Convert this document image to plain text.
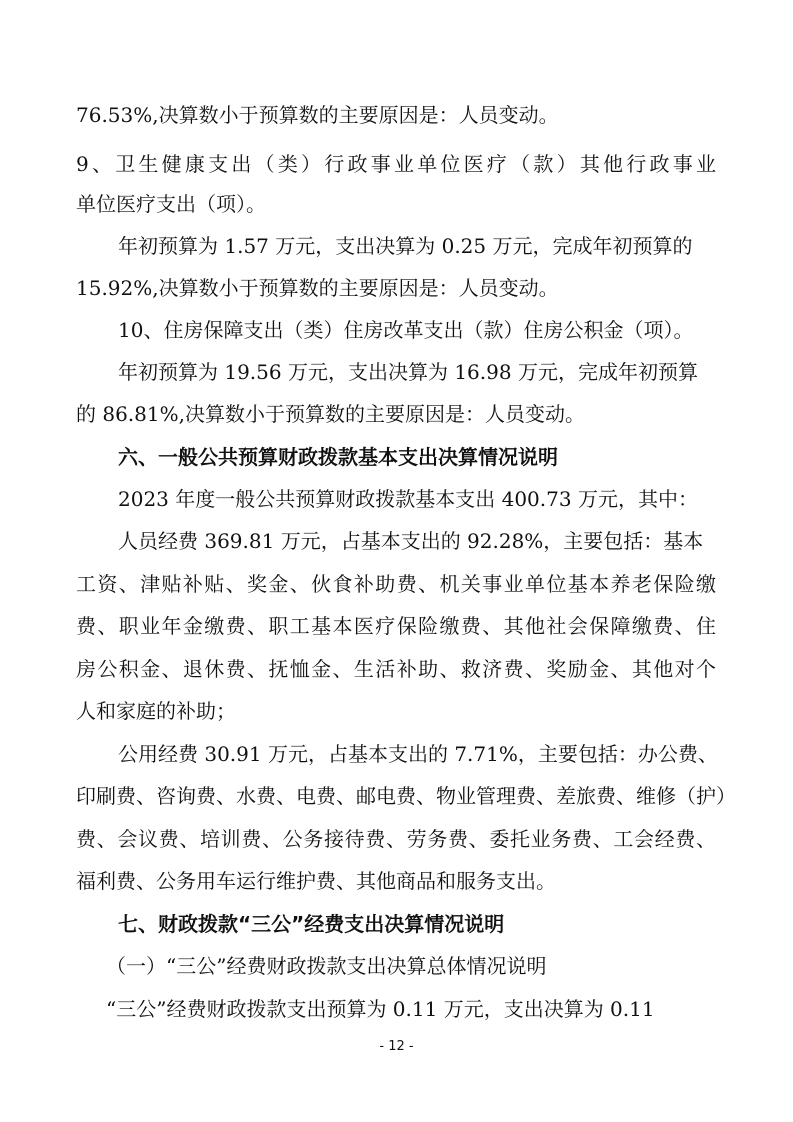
76.53%,决算数小于预算数的主要原因是：人员变动。
9、卫生健康支出（类）行政事业单位医疗（款）其他行政事业
单位医疗支出（项）。
年初预算为 1.57 万元，支出决算为 0.25 万元，完成年初预算的
15.92%,决算数小于预算数的主要原因是：人员变动。
10、住房保障支出（类）住房改革支出（款）住房公积金（项）。
年初预算为 19.56 万元，支出决算为 16.98 万元，完成年初预算
的 86.81%,决算数小于预算数的主要原因是：人员变动。
六、一般公共预算财政拨款基本支出决算情况说明
2023 年度一般公共预算财政拨款基本支出 400.73 万元，其中：
人员经费 369.81 万元，占基本支出的 92.28%，主要包括：基本
工资、津贴补贴、奖金、伙食补助费、机关事业单位基本养老保险缴
费、职业年金缴费、职工基本医疗保险缴费、其他社会保障缴费、住
房公积金、退休费、抚恤金、生活补助、救济费、奖励金、其他对个
人和家庭的补助；
公用经费 30.91 万元，占基本支出的 7.71%，主要包括：办公费、
印刷费、咨询费、水费、电费、邮电费、物业管理费、差旅费、维修（护）
费、会议费、培训费、公务接待费、劳务费、委托业务费、工会经费、
福利费、公务用车运行维护费、其他商品和服务支出。
七、财政拨款“三公”经费支出决算情况说明
（一）“三公”经费财政拨款支出决算总体情况说明
“三公”经费财政拨款支出预算为 0.11 万元，支出决算为 0.11
- 12 -
